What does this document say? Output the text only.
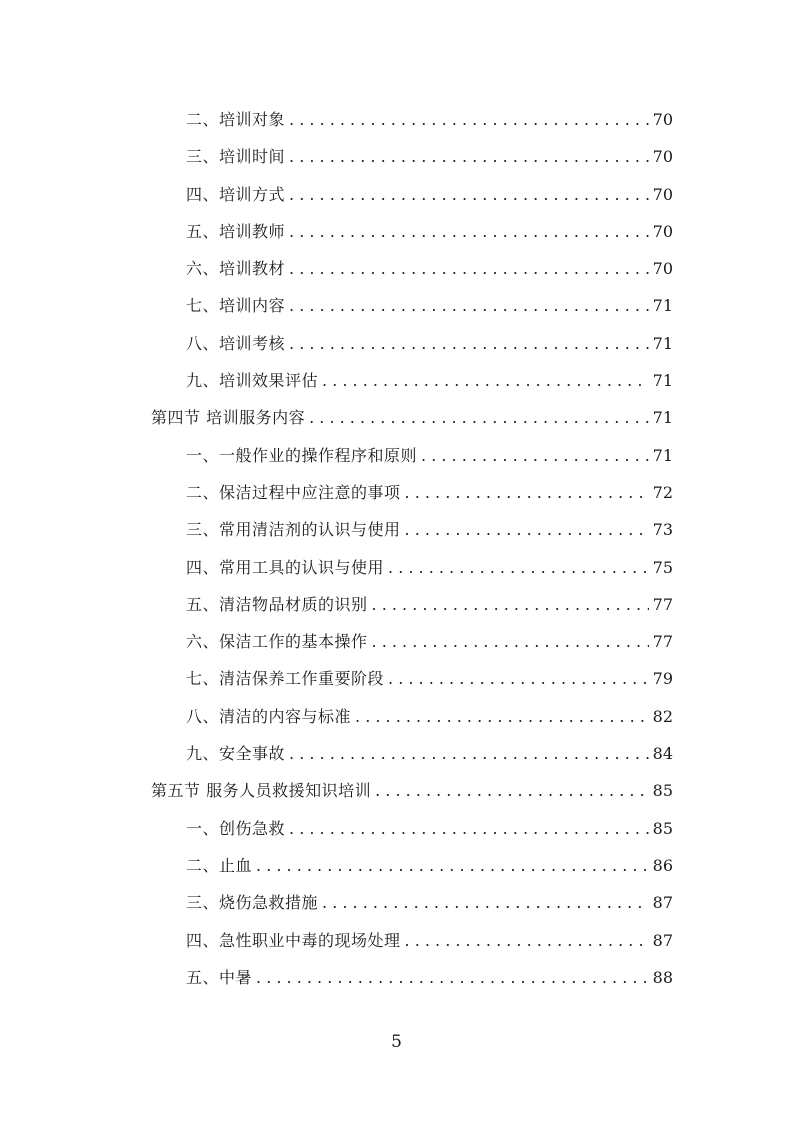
二、培训对象 . . .	70
三、培训时间 . . .	70
四、培训方式 . . .	70
五、培训教师 . . .	70
六、培训教材 . . .	70
七、培训内容 . . .	71
八、培训考核 . . .	71
九、培训效果评估 . . .	71
第四节 培训服务内容 . . .	71
一、一般作业的操作程序和原则 . . .	71
二、保洁过程中应注意的事项 . . .	72
三、常用清洁剂的认识与使用 . . .	73
四、常用工具的认识与使用 . . .	75
五、清洁物品材质的识别 . . .	77
六、保洁工作的基本操作 . . .	77
七、清洁保养工作重要阶段 . . .	79
八、清洁的内容与标准 . . .	82
九、安全事故 . . .	84
第五节 服务人员救援知识培训 . . .	85
一、创伤急救 . . .	85
二、止血 . . .	86
三、烧伤急救措施 . . .	87
四、急性职业中毒的现场处理 . . .	87
五、中暑 . . .	88
5
